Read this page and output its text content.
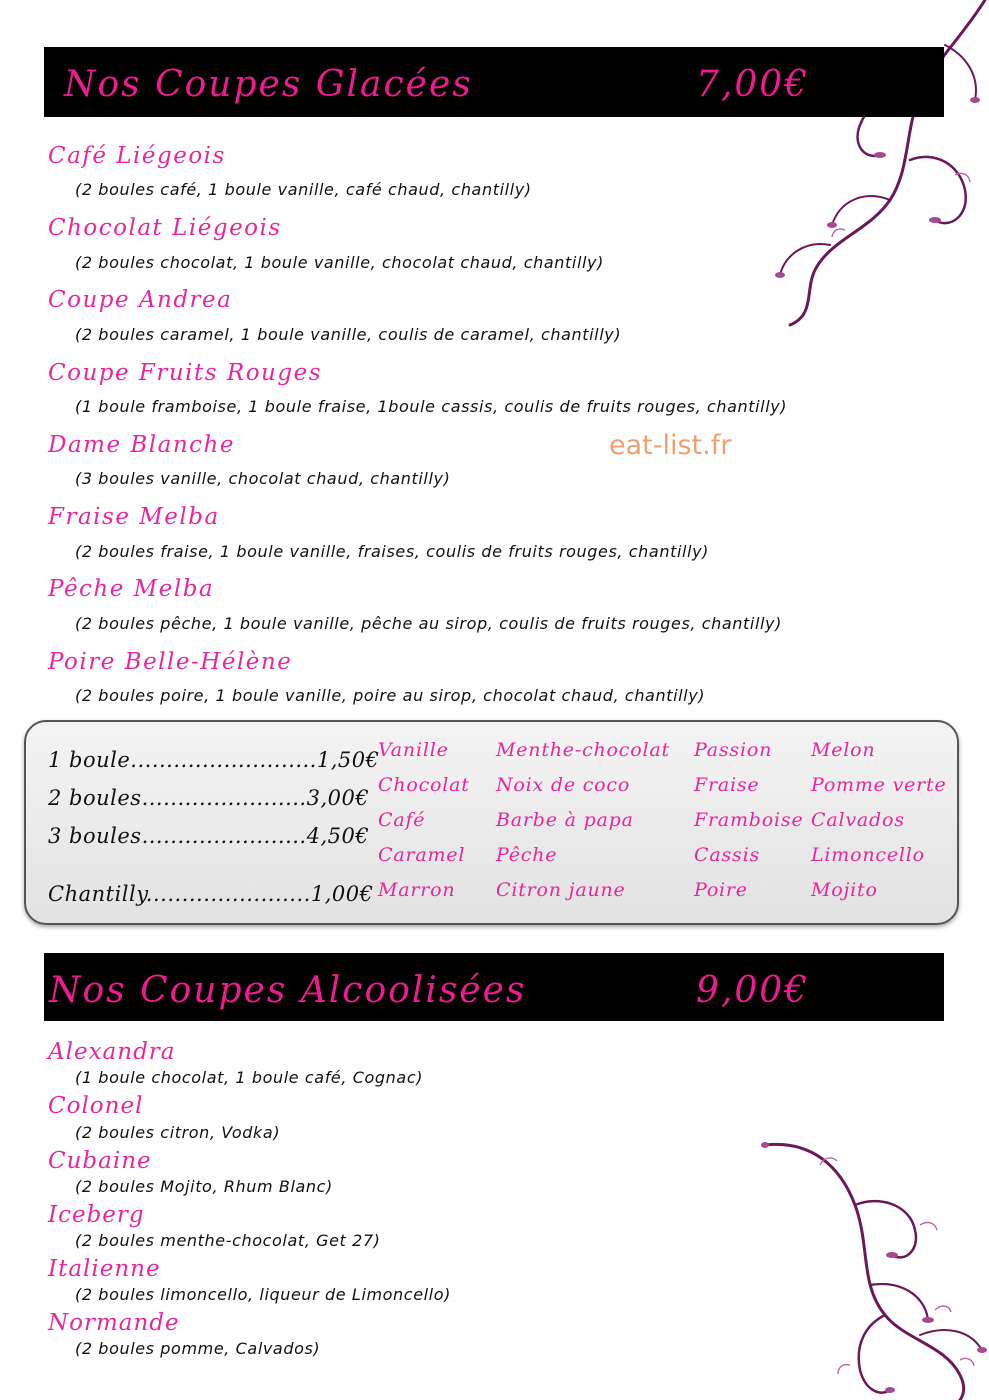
Nos Coupes Glacées	7,00€
Café Liégeois
(2 boules café, 1 boule vanille, café chaud, chantilly)
Chocolat Liégeois
(2 boules chocolat, 1 boule vanille, chocolat chaud, chantilly)
Coupe Andrea
(2 boules caramel, 1 boule vanille, coulis de caramel, chantilly)
Coupe Fruits Rouges
(1 boule framboise, 1 boule fraise, 1boule cassis, coulis de fruits rouges, chantilly)
Dame Blanche
(3 boules vanille, chocolat chaud, chantilly)
Fraise Melba
(2 boules fraise, 1 boule vanille, fraises, coulis de fruits rouges, chantilly)
Pêche Melba
(2 boules pêche, 1 boule vanille, pêche au sirop, coulis de fruits rouges, chantilly)
Poire Belle-Hélène
(2 boules poire, 1 boule vanille, poire au sirop, chocolat chaud, chantilly)
eat-list.fr
1 boule..........................1,50€
2 boules.......................3,00€
3 boules.......................4,50€
Chantilly.......................1,00€
Vanille
Chocolat
Café
Caramel
Marron
Menthe-chocolat
Noix de coco
Barbe à papa
Pêche
Citron jaune
Passion
Fraise
Framboise
Cassis
Poire
Melon
Pomme verte
Calvados
Limoncello
Mojito
Nos Coupes Alcoolisées	9,00€
Alexandra
(1 boule chocolat, 1 boule café, Cognac)
Colonel
(2 boules citron, Vodka)
Cubaine
(2 boules Mojito, Rhum Blanc)
Iceberg
(2 boules menthe-chocolat, Get 27)
Italienne
(2 boules limoncello, liqueur de Limoncello)
Normande
(2 boules pomme, Calvados)
